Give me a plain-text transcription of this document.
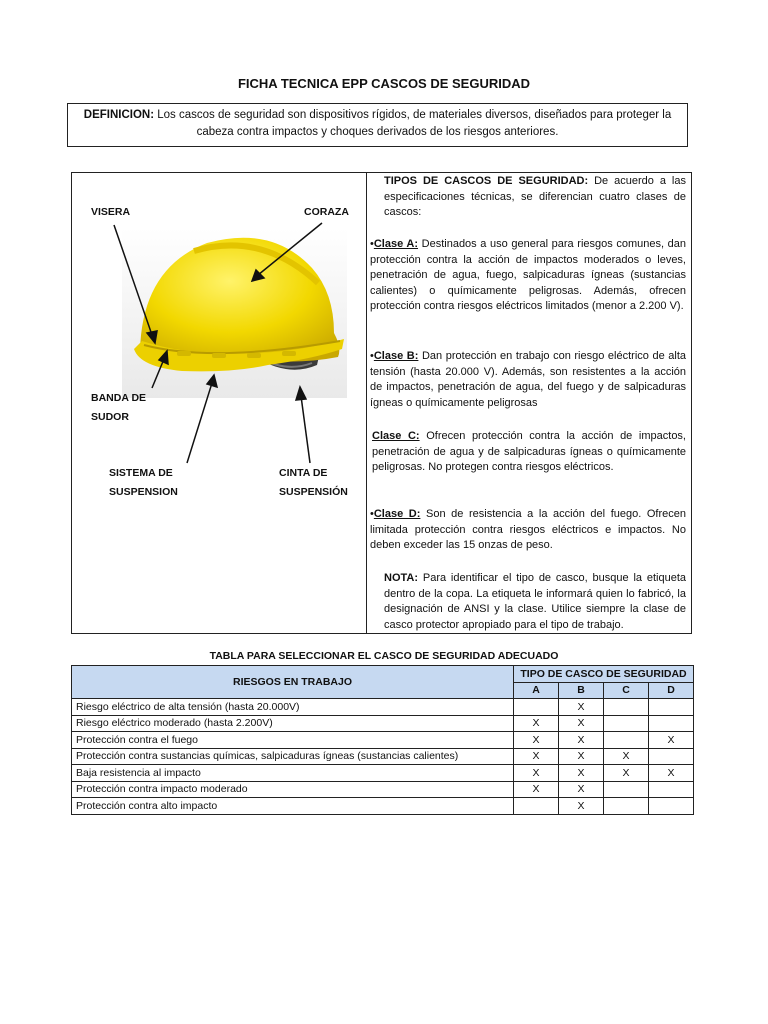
FICHA TECNICA EPP CASCOS DE SEGURIDAD
DEFINICION: Los cascos de seguridad son dispositivos rígidos, de materiales diversos, diseñados para proteger la cabeza contra impactos y choques derivados de los riesgos anteriores.
VISERA	CORAZA
BANDA DE
SUDOR
SISTEMA DE
SUSPENSION
CINTA DE
SUSPENSIÓN
TIPOS DE CASCOS DE SEGURIDAD: De acuerdo a las especificaciones técnicas, se diferencian cuatro clases de cascos:
•Clase A: Destinados a uso general para riesgos comunes, dan protección contra la acción de impactos moderados o leves, penetración de agua, fuego, salpicaduras ígneas (sustancias calientes) o químicamente peligrosas. Además, ofrecen protección contra riesgos eléctricos limitados (menor a 2.200 V).
•Clase B: Dan protección en trabajo con riesgo eléctrico de alta tensión (hasta 20.000 V). Además, son resistentes a la acción de impactos, penetración de agua, del fuego y de salpicaduras ígneas o químicamente peligrosas
Clase C: Ofrecen protección contra la acción de impactos, penetración de agua y de salpicaduras ígneas o químicamente peligrosas. No protegen contra riesgos eléctricos.
•Clase D: Son de resistencia a la acción del fuego. Ofrecen limitada protección contra riesgos eléctricos e impactos. No deben exceder las 15 onzas de peso.
NOTA: Para identificar el tipo de casco, busque la etiqueta dentro de la copa. La etiqueta le informará quien lo fabricó, la designación de ANSI y la clase. Utilice siempre la clase de casco protector apropiado para el tipo de trabajo.
TABLA PARA SELECCIONAR EL CASCO DE SEGURIDAD ADECUADO
RIESGOS EN TRABAJO	TIPO DE CASCO DE SEGURIDAD			
	A	B	C	D
Riesgo eléctrico de alta tensión (hasta 20.000V)		X		
Riesgo eléctrico moderado (hasta 2.200V)	X	X		
Protección contra el fuego	X	X		X
Protección contra sustancias químicas, salpicaduras ígneas (sustancias calientes)	X	X	X	
Baja resistencia al impacto	X	X	X	X
Protección contra impacto moderado	X	X		
Protección contra alto impacto		X		
